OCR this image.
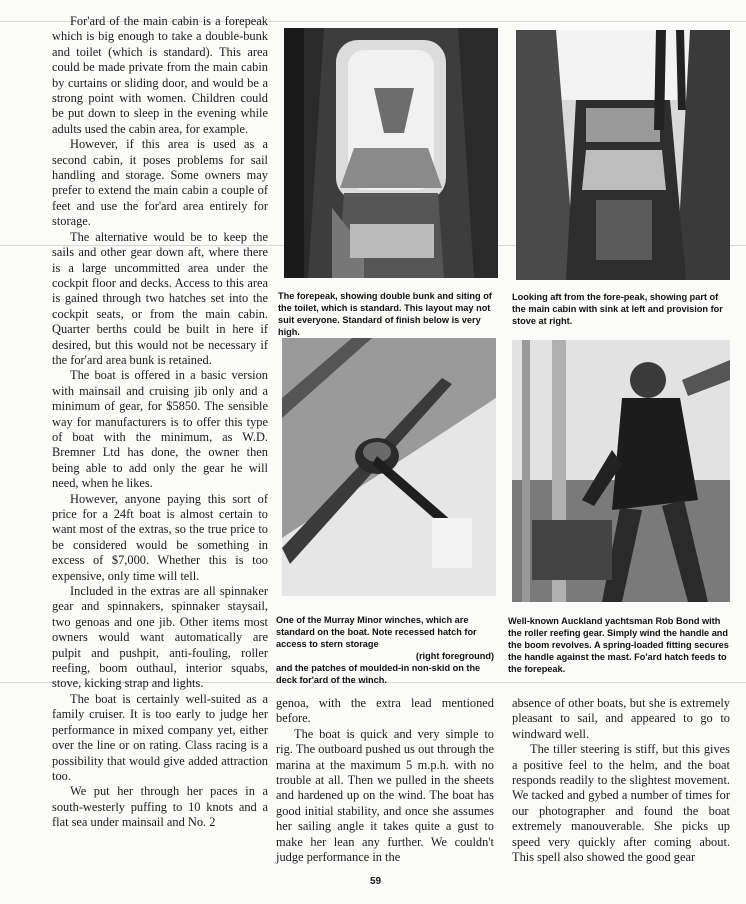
For'ard of the main cabin is a forepeak which is big enough to take a double-bunk and toilet (which is standard). This area could be made private from the main cabin by curtains or sliding door, and would be a strong point with women. Children could be put down to sleep in the evening while adults used the cabin area, for example.

However, if this area is used as a second cabin, it poses problems for sail handling and storage. Some owners may prefer to extend the main cabin a couple of feet and use the for'ard area entirely for storage.

The alternative would be to keep the sails and other gear down aft, where there is a large uncommitted area under the cockpit floor and decks. Access to this area is gained through two hatches set into the cockpit seats, or from the main cabin. Quarter berths could be built in here if desired, but this would not be necessary if the for'ard area bunk is retained.

The boat is offered in a basic version with mainsail and cruising jib only and a minimum of gear, for $5850. The sensible way for manufacturers is to offer this type of boat with the minimum, as W.D. Bremner Ltd has done, the owner then being able to add only the gear he will need, when he likes.

However, anyone paying this sort of price for a 24ft boat is almost certain to want most of the extras, so the true price to be considered would be something in excess of $7,000. Whether this is too expensive, only time will tell.

Included in the extras are all spinnaker gear and spinnakers, spinnaker staysail, two genoas and one jib. Other items most owners would want automatically are pulpit and pushpit, anti-fouling, roller reefing, boom outhaul, interior squabs, stove, kicking strap and lights.

The boat is certainly well-suited as a family cruiser. It is too early to judge her performance in mixed company yet, either over the line or on rating. Class racing is a possibility that would give added attraction too.

We put her through her paces in a south-westerly puffing to 10 knots and a flat sea under mainsail and No. 2

The forepeak, showing double bunk and siting of the toilet, which is standard. This layout may not suit everyone. Standard of finish below is very high.
Looking aft from the fore-peak, showing part of the main cabin with sink at left and provision for stove at right.
One of the Murray Minor winches, which are standard on the boat. Note recessed hatch for access to stern storage
(right foreground)
and the patches of moulded-in non-skid on the deck for'ard of the winch.
Well-known Auckland yachtsman Rob Bond with the roller reefing gear. Simply wind the handle and the boom revolves. A spring-loaded fitting secures the handle against the mast. Fo'ard hatch feeds to the forepeak.

genoa, with the extra lead mentioned before.

The boat is quick and very simple to rig. The outboard pushed us out through the marina at the maximum 5 m.p.h. with no trouble at all. Then we pulled in the sheets and hardened up on the wind. The boat has good initial stability, and once she assumes her sailing angle it takes quite a gust to make her lean any further. We couldn't judge performance in the

absence of other boats, but she is extremely pleasant to sail, and appeared to go to windward well.

The tiller steering is stiff, but this gives a positive feel to the helm, and the boat responds readily to the slightest movement. We tacked and gybed a number of times for our photographer and found the boat extremely manouverable. She picks up speed very quickly after coming about. This spell also showed the good gear

59
